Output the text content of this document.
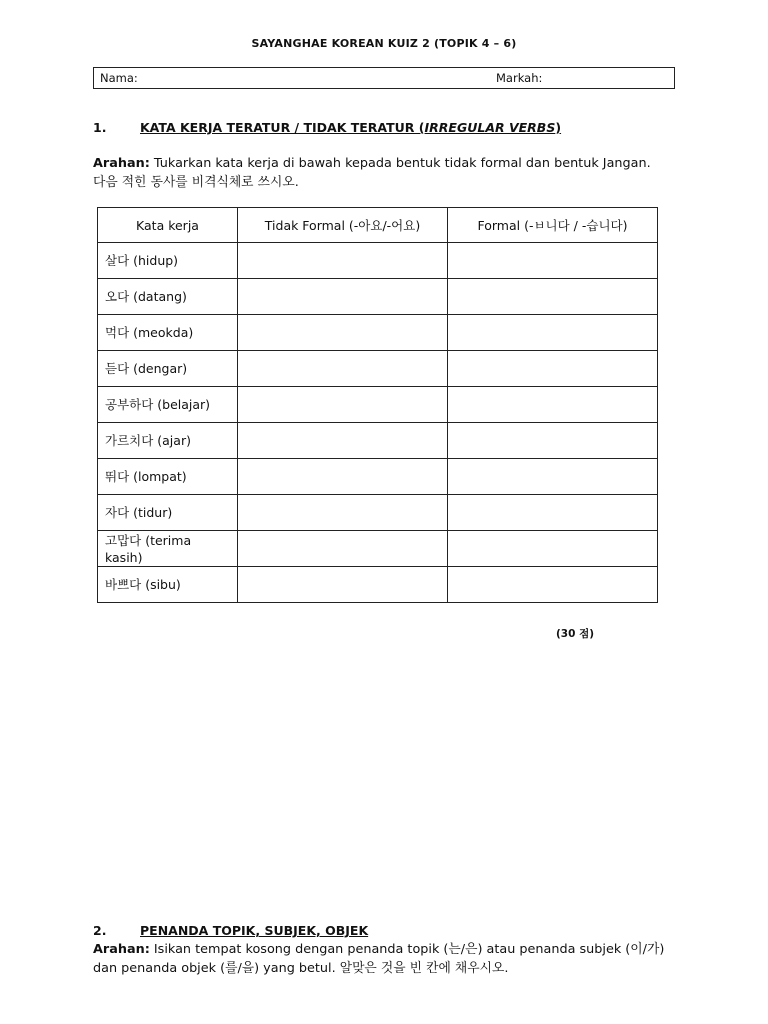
SAYANGHAE KOREAN KUIZ 2 (TOPIK 4 – 6)
Nama:	Markah:
1.	KATA KERJA TERATUR / TIDAK TERATUR (IRREGULAR VERBS)
Arahan: Tukarkan kata kerja di bawah kepada bentuk tidak formal dan bentuk Jangan.
다음 적힌 동사를 비격식체로 쓰시오.
Kata kerja	Tidak Formal (-아요/-어요)	Formal (-ㅂ니다 / -습니다)
살다 (hidup)		
오다 (datang)		
먹다 (meokda)		
듣다 (dengar)		
공부하다 (belajar)		
가르치다 (ajar)		
뛰다 (lompat)		
자다 (tidur)		
고맙다 (terima kasih)		
바쁘다 (sibu)		
(30 점)
2.	PENANDA TOPIK, SUBJEK, OBJEK
Arahan: Isikan tempat kosong dengan penanda topik (는/은) atau penanda subjek (이/가) dan penanda objek (를/을) yang betul. 알맞은 것을 빈 칸에 채우시오.
